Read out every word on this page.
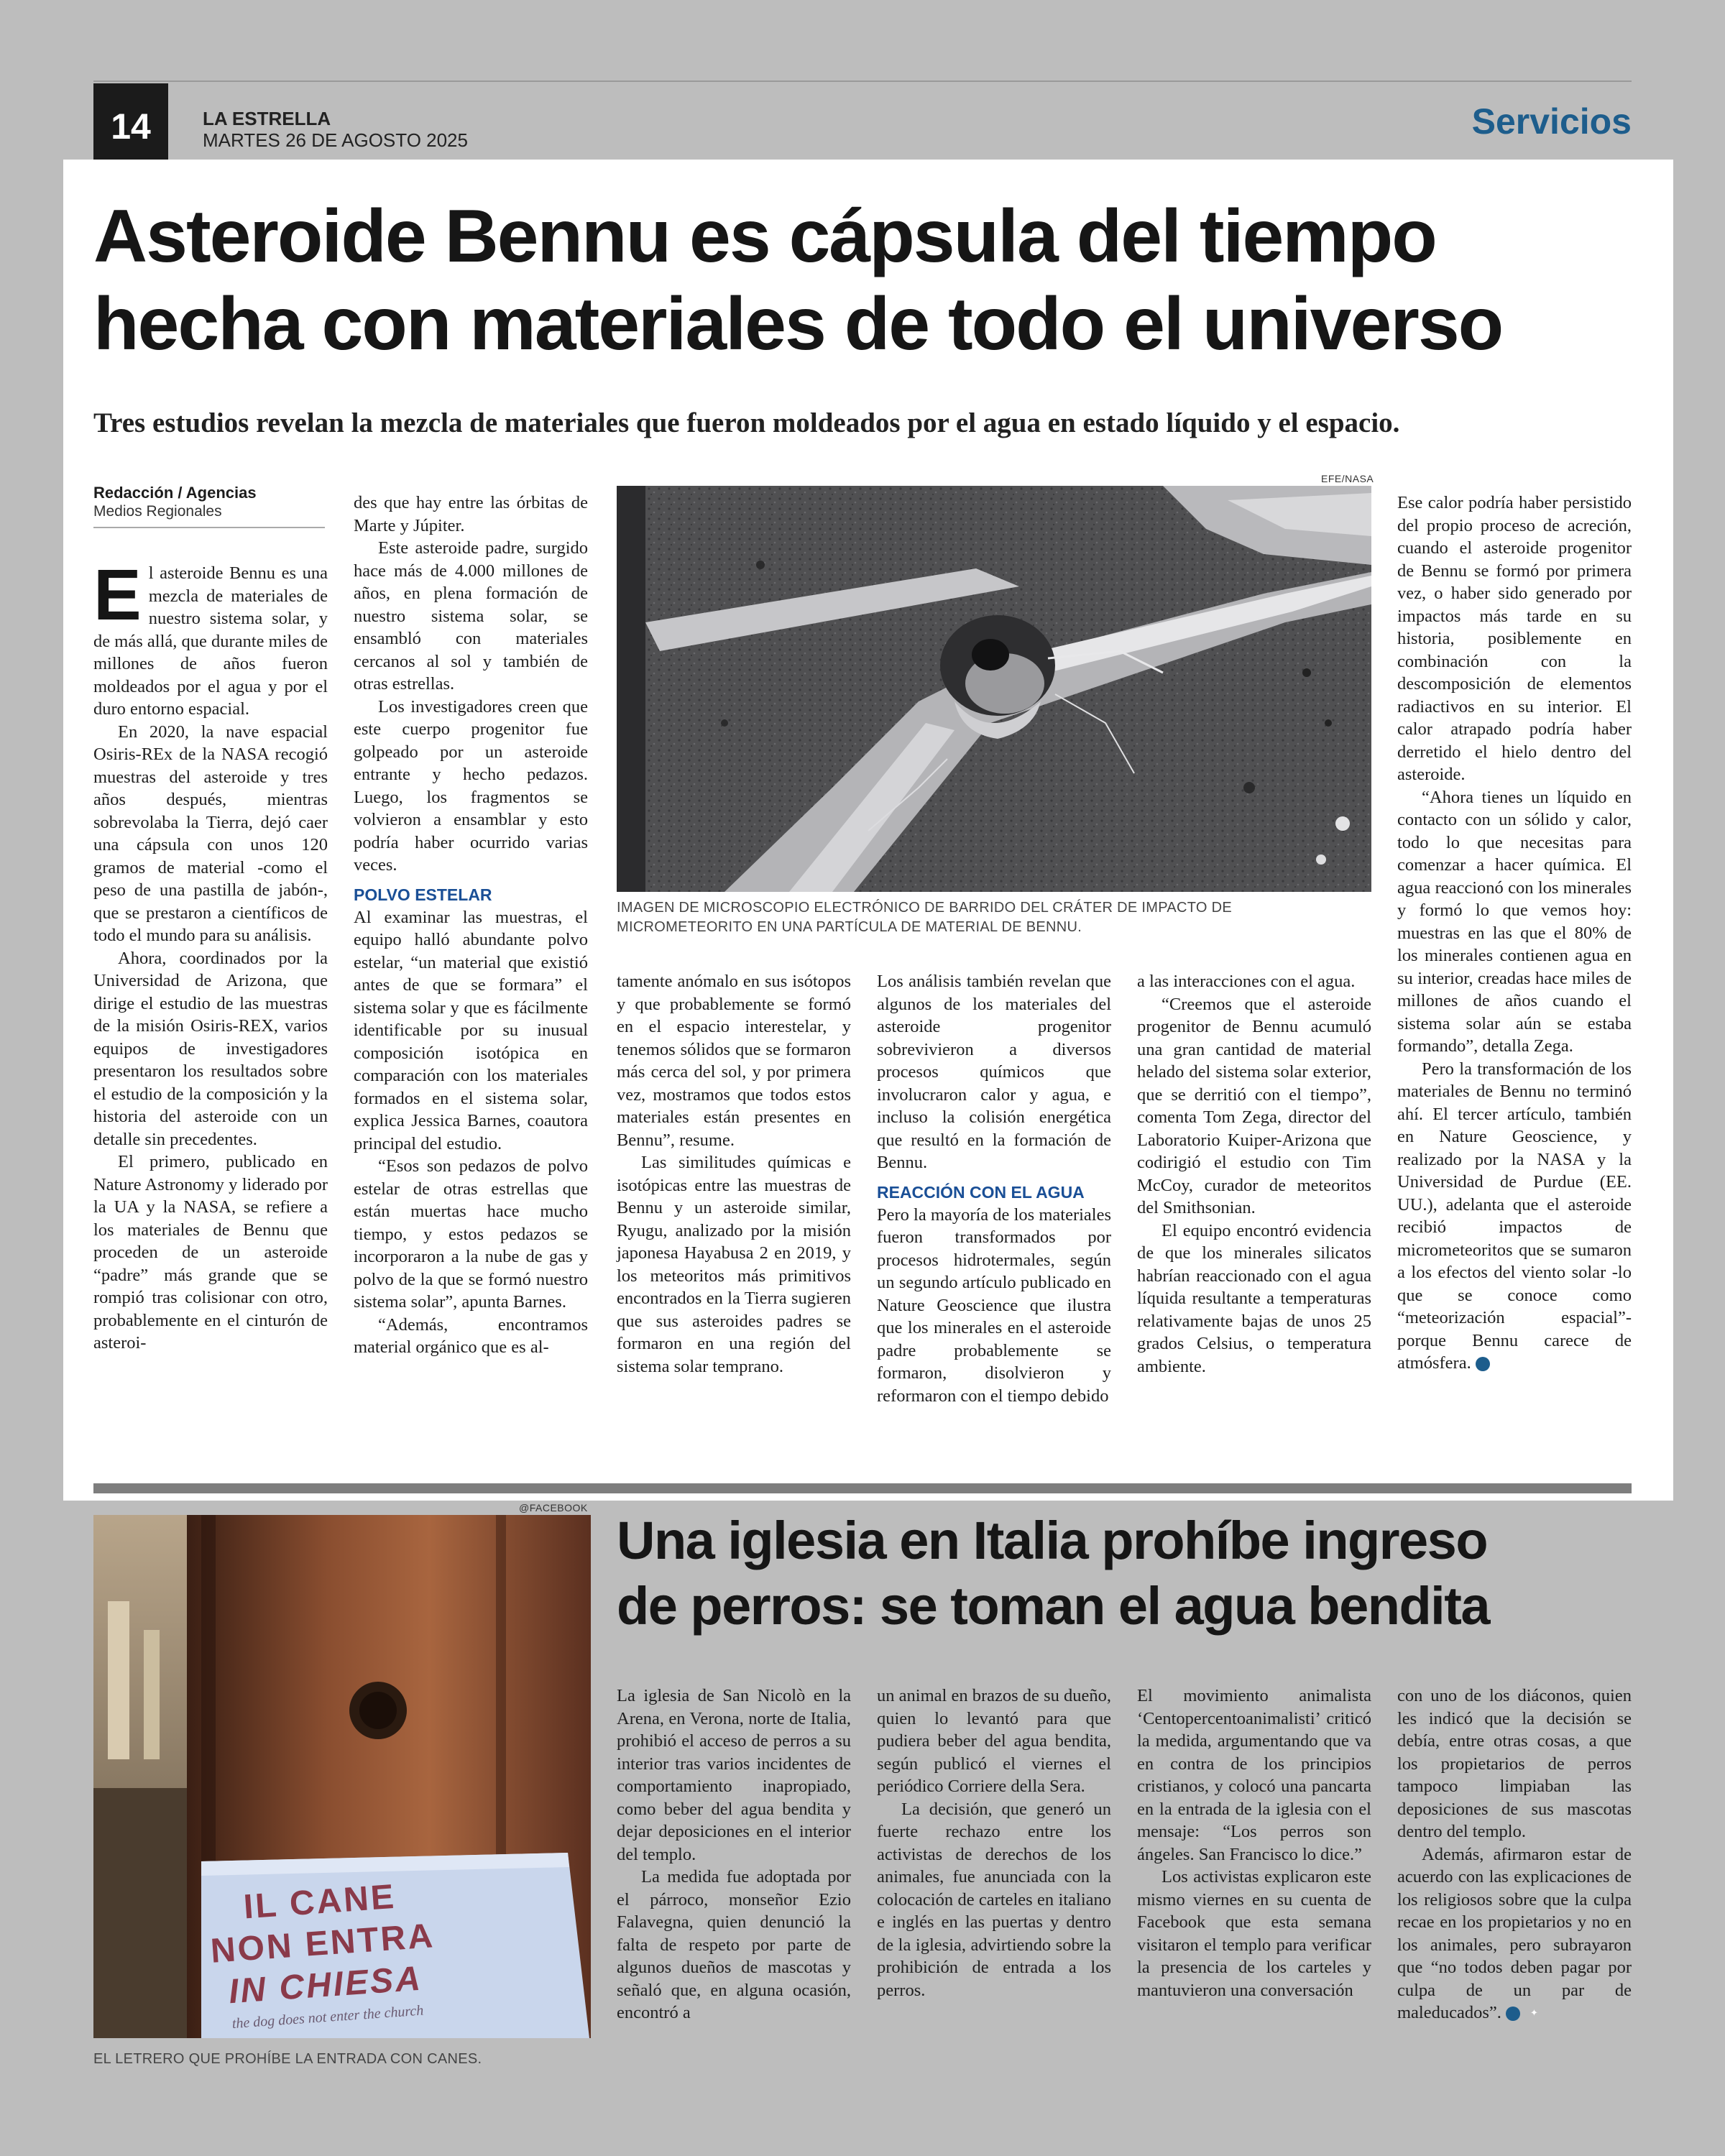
14	LA ESTRELLA
MARTES 26 DE AGOSTO 2025	Servicios
Asteroide Bennu es cápsula del tiempo
hecha con materiales de todo el universo
Tres estudios revelan la mezcla de materiales que fueron moldeados por el agua en estado líquido y el espacio.
Redacción / Agencias
Medios Regionales

El asteroide Bennu es una mezcla de materiales de nuestro sistema solar, y de más allá, que durante miles de millones de años fueron moldeados por el agua y por el duro entorno espacial.

En 2020, la nave espacial Osiris-REx de la NASA recogió muestras del asteroide y tres años después, mientras sobrevolaba la Tierra, dejó caer una cápsula con unos 120 gramos de material -como el peso de una pastilla de jabón-, que se prestaron a científicos de todo el mundo para su análisis.

Ahora, coordinados por la Universidad de Arizona, que dirige el estudio de las muestras de la misión Osiris-REX, varios equipos de investigadores presentaron los resultados sobre el estudio de la composición y la historia del asteroide con un detalle sin precedentes.

El primero, publicado en Nature Astronomy y liderado por la UA y la NASA, se refiere a los materiales de Bennu que proceden de un asteroide “padre” más grande que se rompió tras colisionar con otro, probablemente en el cinturón de asteroi-

des que hay entre las órbitas de Marte y Júpiter.

Este asteroide padre, surgido hace más de 4.000 millones de años, en plena formación de nuestro sistema solar, se ensambló con materiales cercanos al sol y también de otras estrellas.

Los investigadores creen que este cuerpo progenitor fue golpeado por un asteroide entrante y hecho pedazos. Luego, los fragmentos se volvieron a ensamblar y esto podría haber ocurrido varias veces.

POLVO ESTELAR

Al examinar las muestras, el equipo halló abundante polvo estelar, “un material que existió antes de que se formara” el sistema solar y que es fácilmente identificable por su inusual composición isotópica en comparación con los materiales formados en el sistema solar, explica Jessica Barnes, coautora principal del estudio.

“Esos son pedazos de polvo estelar de otras estrellas que están muertas hace mucho tiempo, y estos pedazos se incorporaron a la nube de gas y polvo de la que se formó nuestro sistema solar”, apunta Barnes.

“Además, encontramos material orgánico que es al-

EFE/NASA
IMAGEN DE MICROSCOPIO ELECTRÓNICO DE BARRIDO DEL CRÁTER DE IMPACTO DE MICROMETEORITO EN UNA PARTÍCULA DE MATERIAL DE BENNU.

tamente anómalo en sus isótopos y que probablemente se formó en el espacio interestelar, y tenemos sólidos que se formaron más cerca del sol, y por primera vez, mostramos que todos estos materiales están presentes en Bennu”, resume.

Las similitudes químicas e isotópicas entre las muestras de Bennu y un asteroide similar, Ryugu, analizado por la misión japonesa Hayabusa 2 en 2019, y los meteoritos más primitivos encontrados en la Tierra sugieren que sus asteroides padres se formaron en una región del sistema solar temprano.

Los análisis también revelan que algunos de los materiales del asteroide progenitor sobrevivieron a diversos procesos químicos que involucraron calor y agua, e incluso la colisión energética que resultó en la formación de Bennu.

REACCIÓN CON EL AGUA

Pero la mayoría de los materiales fueron transformados por procesos hidrotermales, según un segundo artículo publicado en Nature Geoscience que ilustra que los minerales en el asteroide padre probablemente se formaron, disolvieron y reformaron con el tiempo debido

a las interacciones con el agua.

“Creemos que el asteroide progenitor de Bennu acumuló una gran cantidad de material helado del sistema solar exterior, que se derritió con el tiempo”, comenta Tom Zega, director del Laboratorio Kuiper-Arizona que codirigió el estudio con Tim McCoy, curador de meteoritos del Smithsonian.

El equipo encontró evidencia de que los minerales silicatos habrían reaccionado con el agua líquida resultante a temperaturas relativamente bajas de unos 25 grados Celsius, o temperatura ambiente.

Ese calor podría haber persistido del propio proceso de acreción, cuando el asteroide progenitor de Bennu se formó por primera vez, o haber sido generado por impactos más tarde en su historia, posiblemente en combinación con la descomposición de elementos radiactivos en su interior. El calor atrapado podría haber derretido el hielo dentro del asteroide.

“Ahora tienes un líquido en contacto con un sólido y calor, todo lo que necesitas para comenzar a hacer química. El agua reaccionó con los minerales y formó lo que vemos hoy: muestras en las que el 80% de los minerales contienen agua en su interior, creadas hace miles de millones de años cuando el sistema solar aún se estaba formando”, detalla Zega.

Pero la transformación de los materiales de Bennu no terminó ahí. El tercer artículo, también en Nature Geoscience, y realizado por la NASA y la Universidad de Purdue (EE. UU.), adelanta que el asteroide recibió impactos de micrometeoritos que se sumaron a los efectos del viento solar -lo que se conoce como “meteorización espacial”- porque Bennu carece de atmósfera.	✦

@FACEBOOK
IL CANE
NON ENTRA
IN CHIESA
the dog does not enter the church
EL LETRERO QUE PROHÍBE LA ENTRADA CON CANES.
Una iglesia en Italia prohíbe ingreso
de perros: se toman el agua bendita

La iglesia de San Nicolò en la Arena, en Verona, norte de Italia, prohibió el acceso de perros a su interior tras varios incidentes de comportamiento inapropiado, como beber del agua bendita y dejar deposiciones en el interior del templo.

La medida fue adoptada por el párroco, monseñor Ezio Falavegna, quien denunció la falta de respeto por parte de algunos dueños de mascotas y señaló que, en alguna ocasión, encontró a

un animal en brazos de su dueño, quien lo levantó para que pudiera beber del agua bendita, según publicó el viernes el periódico Corriere della Sera.

La decisión, que generó un fuerte rechazo entre los activistas de derechos de los animales, fue anunciada con la colocación de carteles en italiano e inglés en las puertas y dentro de la iglesia, advirtiendo sobre la prohibición de entrada a los perros.

El movimiento animalista ‘Centopercentoanimalisti’ criticó la medida, argumentando que va en contra de los principios cristianos, y colocó una pancarta en la entrada de la iglesia con el mensaje: “Los perros son ángeles. San Francisco lo dice.”

Los activistas explicaron este mismo viernes en su cuenta de Facebook que esta semana visitaron el templo para verificar la presencia de los carteles y mantuvieron una conversación

con uno de los diáconos, quien les indicó que la decisión se debía, entre otras cosas, a que los propietarios de perros tampoco limpiaban las deposiciones de sus mascotas dentro del templo.

Además, afirmaron estar de acuerdo con las explicaciones de los religiosos sobre que la culpa recae en los propietarios y no en los animales, pero subrayaron que “no todos deben pagar por culpa de un par de maleducados”.	✦
